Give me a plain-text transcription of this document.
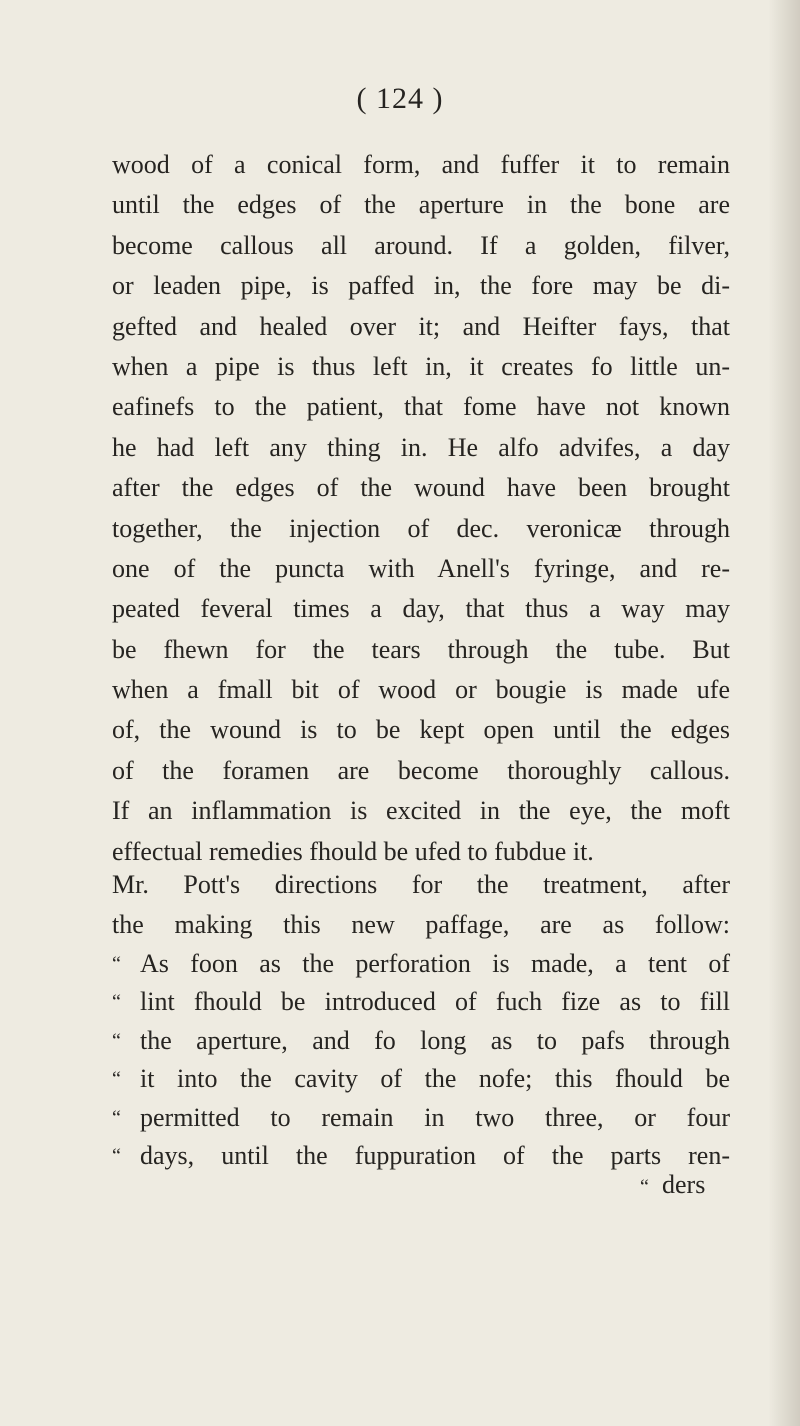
( 124 )
wood of a conical form, and fuffer it to remain
until the edges of the aperture in the bone are
become callous all around. If a golden, filver,
or leaden pipe, is paffed in, the fore may be di-
gefted and healed over it; and Heifter fays, that
when a pipe is thus left in, it creates fo little un-
eafinefs to the patient, that fome have not known
he had left any thing in. He alfo advifes, a day
after the edges of the wound have been brought
together, the injection of dec. veronicæ through
one of the puncta with Anell's fyringe, and re-
peated feveral times a day, that thus a way may
be fhewn for the tears through the tube. But
when a fmall bit of wood or bougie is made ufe
of, the wound is to be kept open until the edges
of the foramen are become thoroughly callous.
If an inflammation is excited in the eye, the moft
effectual remedies fhould be ufed to fubdue it.
Mr. Pott's directions for the treatment, after
the making this new paffage, are as follow:
“ As foon as the perforation is made, a tent of
“ lint fhould be introduced of fuch fize as to fill
“ the aperture, and fo long as to pafs through
“ it into the cavity of the nofe; this fhould be
“ permitted to remain in two three, or four
“ days, until the fuppuration of the parts ren-
“ ders
